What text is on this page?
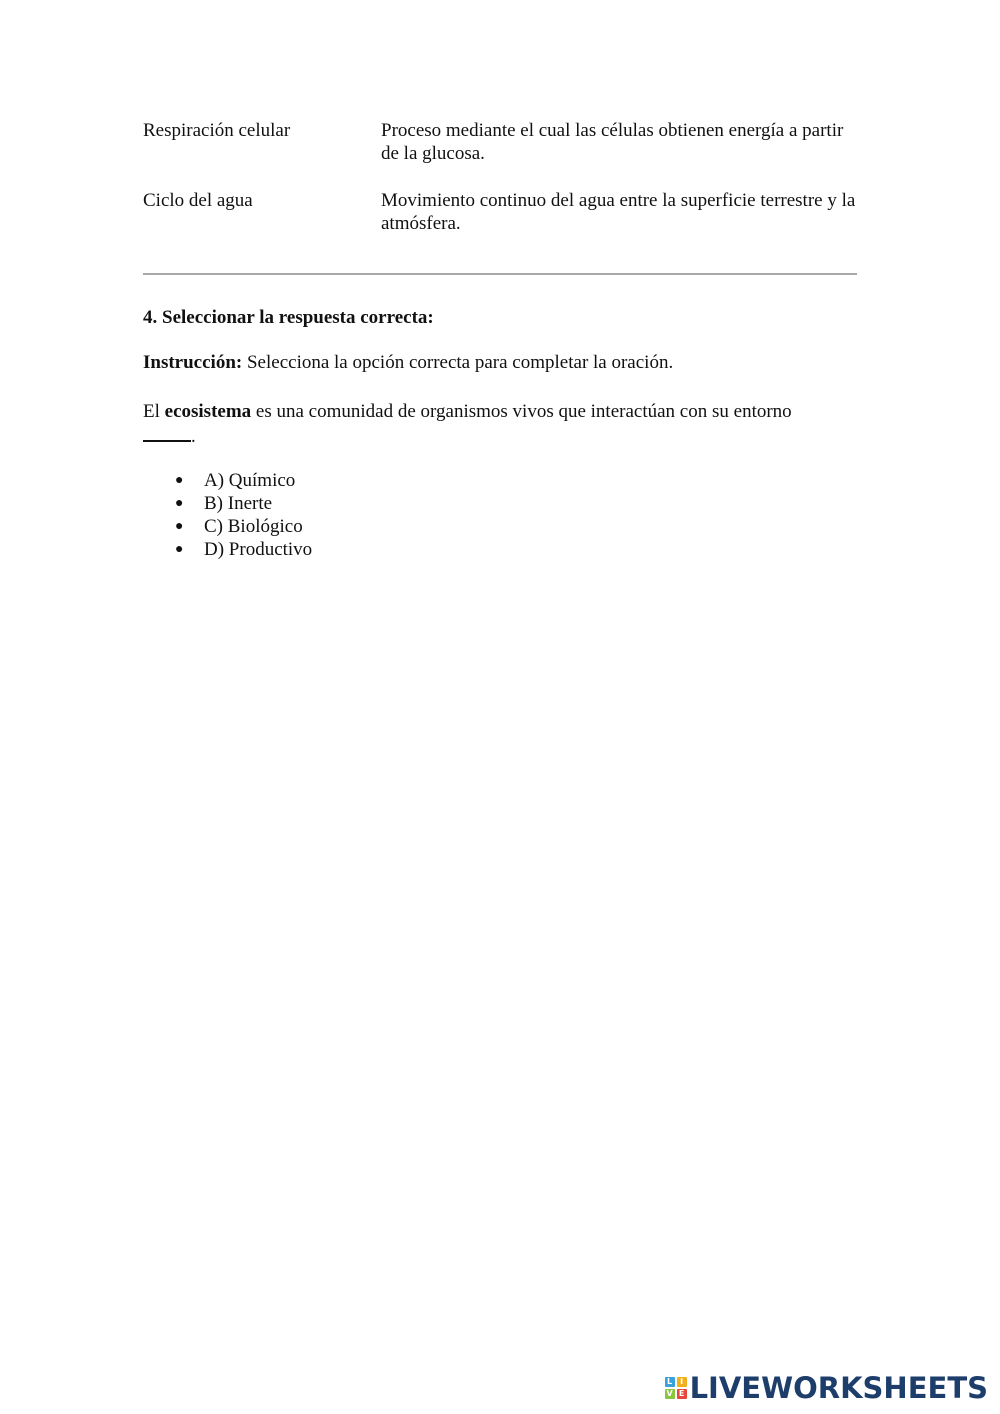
Respiración celular	Proceso mediante el cual las células obtienen energía a partir de la glucosa.
Ciclo del agua	Movimiento continuo del agua entre la superficie terrestre y la atmósfera.
4. Seleccionar la respuesta correcta:
Instrucción: Selecciona la opción correcta para completar la oración.
El ecosistema es una comunidad de organismos vivos que interactúan con su entorno
.
● A) Químico
● B) Inerte
● C) Biológico
● D) Productivo
L I
V E LIVEWORKSHEETS
